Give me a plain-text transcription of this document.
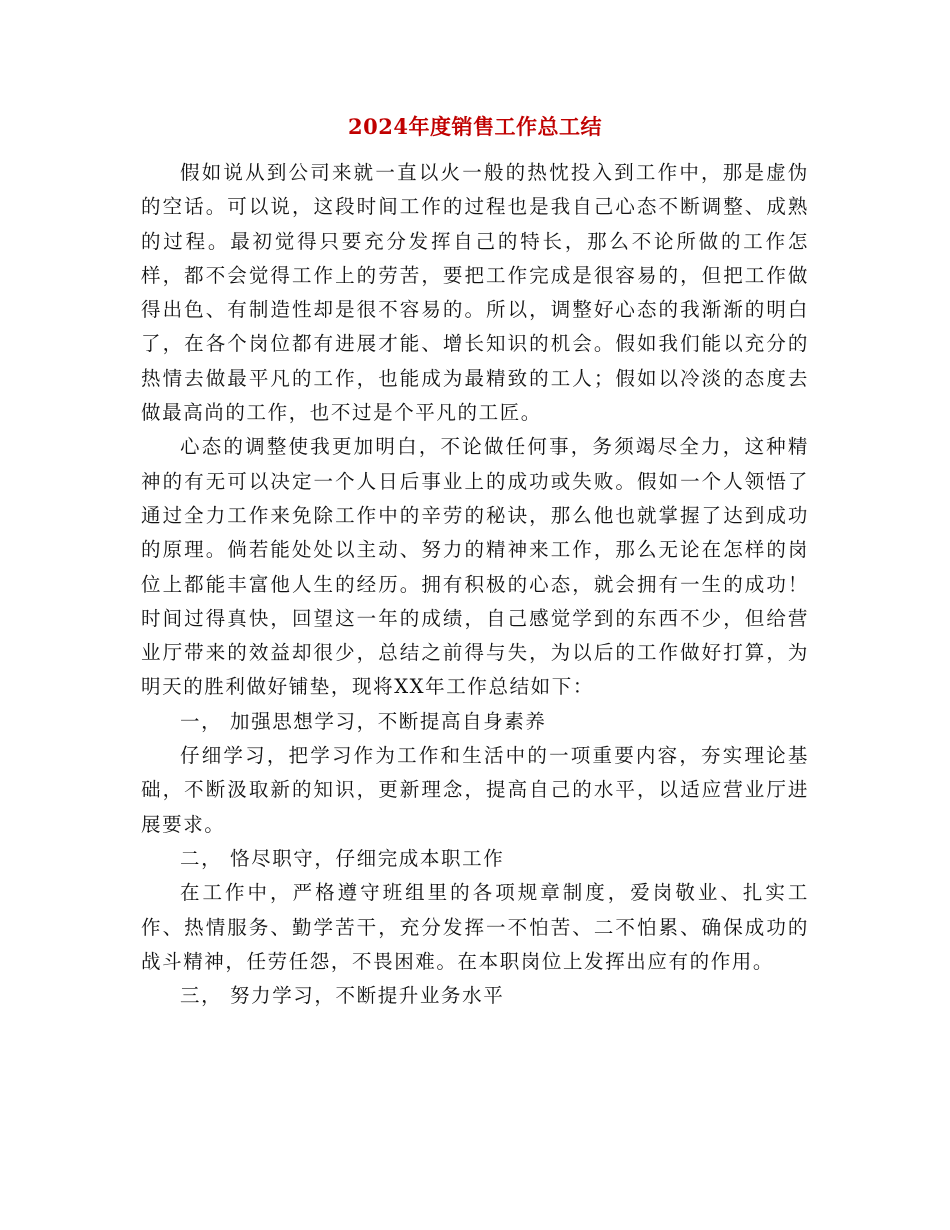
2024年度销售工作总工结

假如说从到公司来就一直以火一般的热忱投入到工作中，那是虚伪的空话。可以说，这段时间工作的过程也是我自己心态不断调整、成熟的过程。最初觉得只要充分发挥自己的特长，那么不论所做的工作怎样，都不会觉得工作上的劳苦，要把工作完成是很容易的，但把工作做得出色、有制造性却是很不容易的。所以，调整好心态的我渐渐的明白了，在各个岗位都有进展才能、增长知识的机会。假如我们能以充分的热情去做最平凡的工作，也能成为最精致的工人；假如以冷淡的态度去做最高尚的工作，也不过是个平凡的工匠。

心态的调整使我更加明白，不论做任何事，务须竭尽全力，这种精神的有无可以决定一个人日后事业上的成功或失败。假如一个人领悟了通过全力工作来免除工作中的辛劳的秘诀，那么他也就掌握了达到成功的原理。倘若能处处以主动、努力的精神来工作，那么无论在怎样的岗位上都能丰富他人生的经历。拥有积极的心态，就会拥有一生的成功！时间过得真快，回望这一年的成绩，自己感觉学到的东西不少，但给营业厅带来的效益却很少，总结之前得与失，为以后的工作做好打算，为明天的胜利做好铺垫，现将XX年工作总结如下：

一， 加强思想学习，不断提高自身素养

仔细学习，把学习作为工作和生活中的一项重要内容，夯实理论基础，不断汲取新的知识，更新理念，提高自己的水平，以适应营业厅进展要求。

二， 恪尽职守，仔细完成本职工作

在工作中，严格遵守班组里的各项规章制度，爱岗敬业、扎实工作、热情服务、勤学苦干，充分发挥一不怕苦、二不怕累、确保成功的战斗精神，任劳任怨，不畏困难。在本职岗位上发挥出应有的作用。

三， 努力学习，不断提升业务水平
